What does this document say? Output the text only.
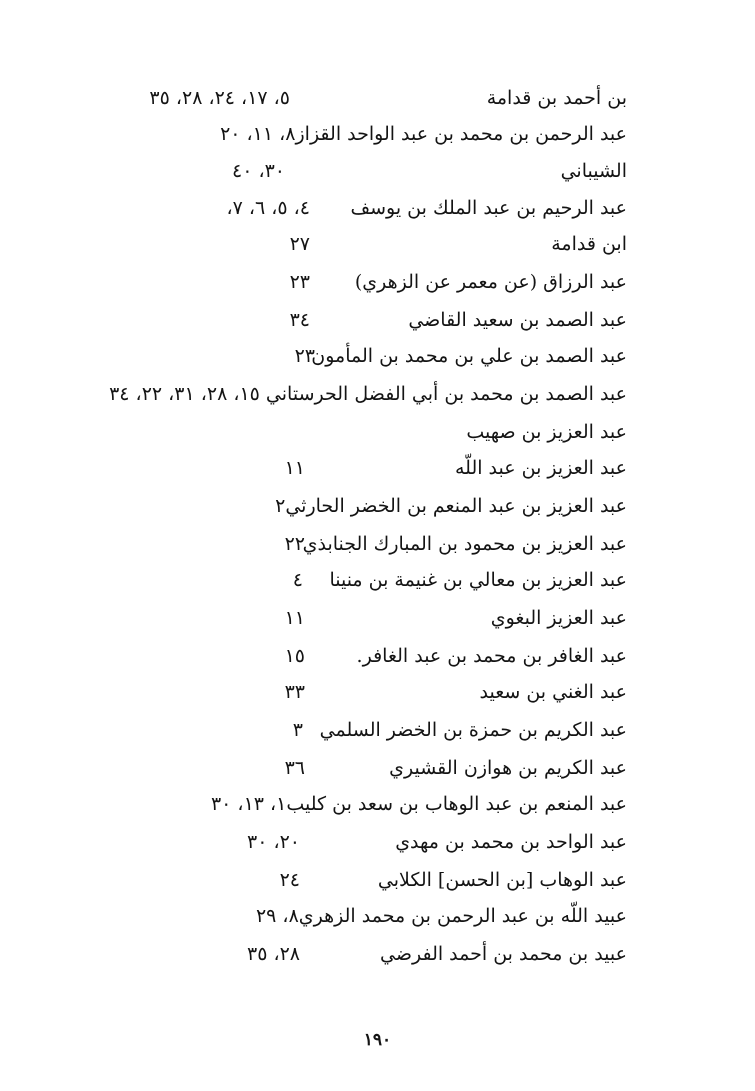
بن أحمد بن قدامة
٥، ١٧، ٢٤، ٢٨، ٣٥
عبد الرحمن بن محمد بن عبد الواحد القزاز٨، ١١، ٢٠
الشيباني
٣٠، ٤٠
عبد الرحيم بن عبد الملك بن يوسف
٤، ٥، ٦، ٧،
ابن قدامة
٢٧
عبد الرزاق (عن معمر عن الزهري)
٢٣
عبد الصمد بن سعيد القاضي
٣٤
عبد الصمد بن علي بن محمد بن المأمون
٢٣
عبد الصمد بن محمد بن أبي الفضل الحرستاني ١٥، ٢٨، ٣١، ٢٢، ٣٤
عبد العزيز بن صهيب
عبد العزيز بن عبد اللّه
١١
عبد العزيز بن عبد المنعم بن الخضر الحارثي٢
عبد العزيز بن محمود بن المبارك الجنابذي
٢٢
عبد العزيز بن معالي بن غنيمة بن منينا
٤
عبد العزيز البغوي
١١
عبد الغافر بن محمد بن عبد الغافر.
١٥
عبد الغني بن سعيد
٣٣
عبد الكريم بن حمزة بن الخضر السلمي
٣
عبد الكريم بن هوازن القشيري
٣٦
عبد المنعم بن عبد الوهاب بن سعد بن كليب١، ١٣، ٣٠
عبد الواحد بن محمد بن مهدي
٢٠، ٣٠
عبد الوهاب [بن الحسن] الكلابي
٢٤
عبيد اللّه بن عبد الرحمن بن محمد الزهري٨، ٢٩
عبيد بن محمد بن أحمد الفرضي
٢٨، ٣٥
١٩٠
